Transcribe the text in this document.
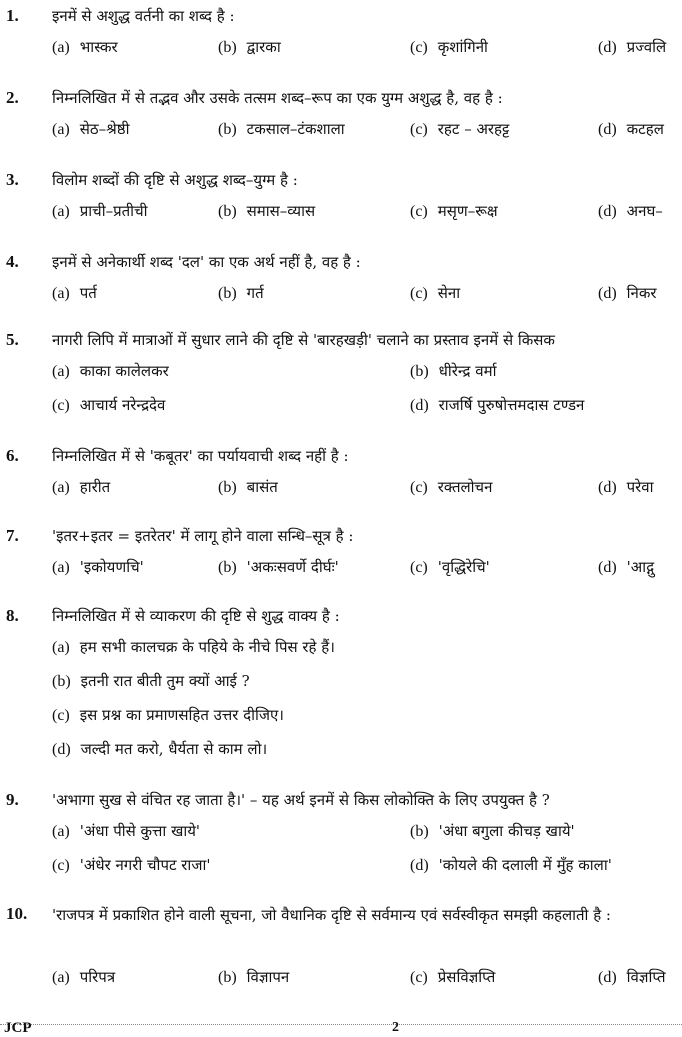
1. इनमें से अशुद्ध वर्तनी का शब्द है :
(a) भास्कर	(b) द्वारका	(c) कृशांगिनी	(d) प्रज्वलि
2. निम्नलिखित में से तद्भव और उसके तत्सम शब्द–रूप का एक युग्म अशुद्ध है, वह है :
(a) सेठ–श्रेष्ठी	(b) टकसाल–टंकशाला	(c) रहट – अरहट्ट	(d) कटहल
3. विलोम शब्दों की दृष्टि से अशुद्ध शब्द–युग्म है :
(a) प्राची–प्रतीची	(b) समास–व्यास	(c) मसृण–रूक्ष	(d) अनघ–
4. इनमें से अनेकार्थी शब्द 'दल' का एक अर्थ नहीं है, वह है :
(a) पर्त	(b) गर्त	(c) सेना	(d) निकर
5. नागरी लिपि में मात्राओं में सुधार लाने की दृष्टि से 'बारहखड़ी' चलाने का प्रस्ताव इनमें से किसक
(a) काका कालेलकर	(b) धीरेन्द्र वर्मा
(c) आचार्य नरेन्द्रदेव	(d) राजर्षि पुरुषोत्तमदास टण्डन
6. निम्नलिखित में से 'कबूतर' का पर्यायवाची शब्द नहीं है :
(a) हारीत	(b) बासंत	(c) रक्तलोचन	(d) परेवा
7. 'इतर+इतर = इतरेतर' में लागू होने वाला सन्धि–सूत्र है :
(a) 'इकोयणचि'	(b) 'अकःसवर्णे दीर्घः'	(c) 'वृद्धिरेचि'	(d) 'आद्गु
8. निम्नलिखित में से व्याकरण की दृष्टि से शुद्ध वाक्य है :
(a) हम सभी कालचक्र के पहिये के नीचे पिस रहे हैं।
(b) इतनी रात बीती तुम क्यों आई ?
(c) इस प्रश्न का प्रमाणसहित उत्तर दीजिए।
(d) जल्दी मत करो, धैर्यता से काम लो।
9. 'अभागा सुख से वंचित रह जाता है।' – यह अर्थ इनमें से किस लोकोक्ति के लिए उपयुक्त है ?
(a) 'अंधा पीसे कुत्ता खाये'	(b) 'अंधा बगुला कीचड़ खाये'
(c) 'अंधेर नगरी चौपट राजा'	(d) 'कोयले की दलाली में मुँह काला'
10. 'राजपत्र में प्रकाशित होने वाली सूचना, जो वैधानिक दृष्टि से सर्वमान्य एवं सर्वस्वीकृत समझी कहलाती है :
(a) परिपत्र	(b) विज्ञापन	(c) प्रेसविज्ञप्ति	(d) विज्ञप्ति
JCP	2
